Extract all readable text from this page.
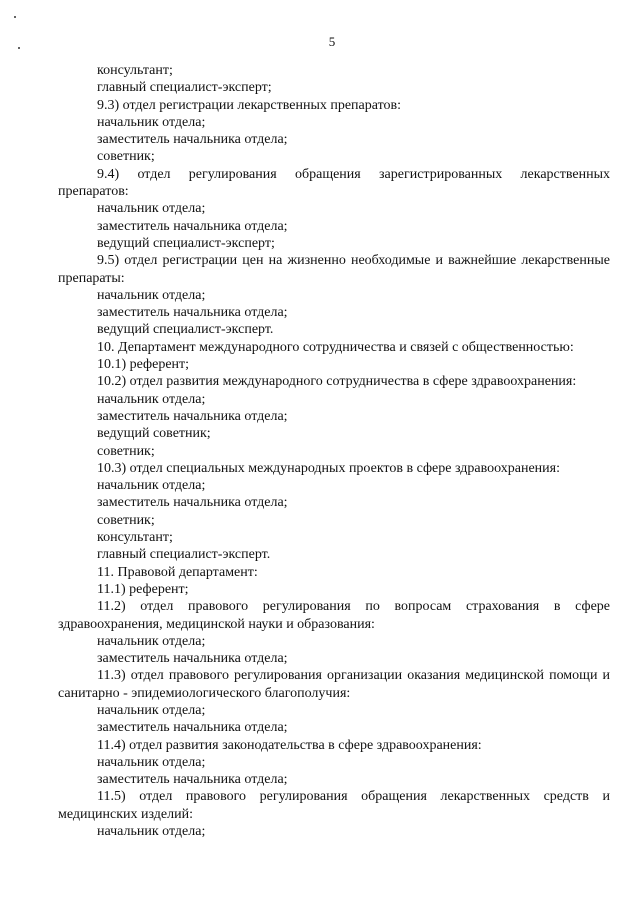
5
консультант;
главный специалист-эксперт;
9.3) отдел регистрации лекарственных препаратов:
начальник отдела;
заместитель начальника отдела;
советник;
9.4) отдел регулирования обращения зарегистрированных лекарственных препаратов:
начальник отдела;
заместитель начальника отдела;
ведущий специалист-эксперт;
9.5) отдел регистрации цен на жизненно необходимые и важнейшие лекарственные препараты:
начальник отдела;
заместитель начальника отдела;
ведущий специалист-эксперт.
10. Департамент международного сотрудничества и связей с общественностью:
10.1) референт;
10.2) отдел развития международного сотрудничества в сфере здравоохранения:
начальник отдела;
заместитель начальника отдела;
ведущий советник;
советник;
10.3) отдел специальных международных проектов в сфере здравоохранения:
начальник отдела;
заместитель начальника отдела;
советник;
консультант;
главный специалист-эксперт.
11. Правовой департамент:
11.1) референт;
11.2) отдел правового регулирования по вопросам страхования в сфере здравоохранения, медицинской науки и образования:
начальник отдела;
заместитель начальника отдела;
11.3) отдел правового регулирования организации оказания медицинской помощи и санитарно - эпидемиологического благополучия:
начальник отдела;
заместитель начальника отдела;
11.4) отдел развития законодательства в сфере здравоохранения:
начальник отдела;
заместитель начальника отдела;
11.5) отдел правового регулирования обращения лекарственных средств и медицинских изделий:
начальник отдела;
